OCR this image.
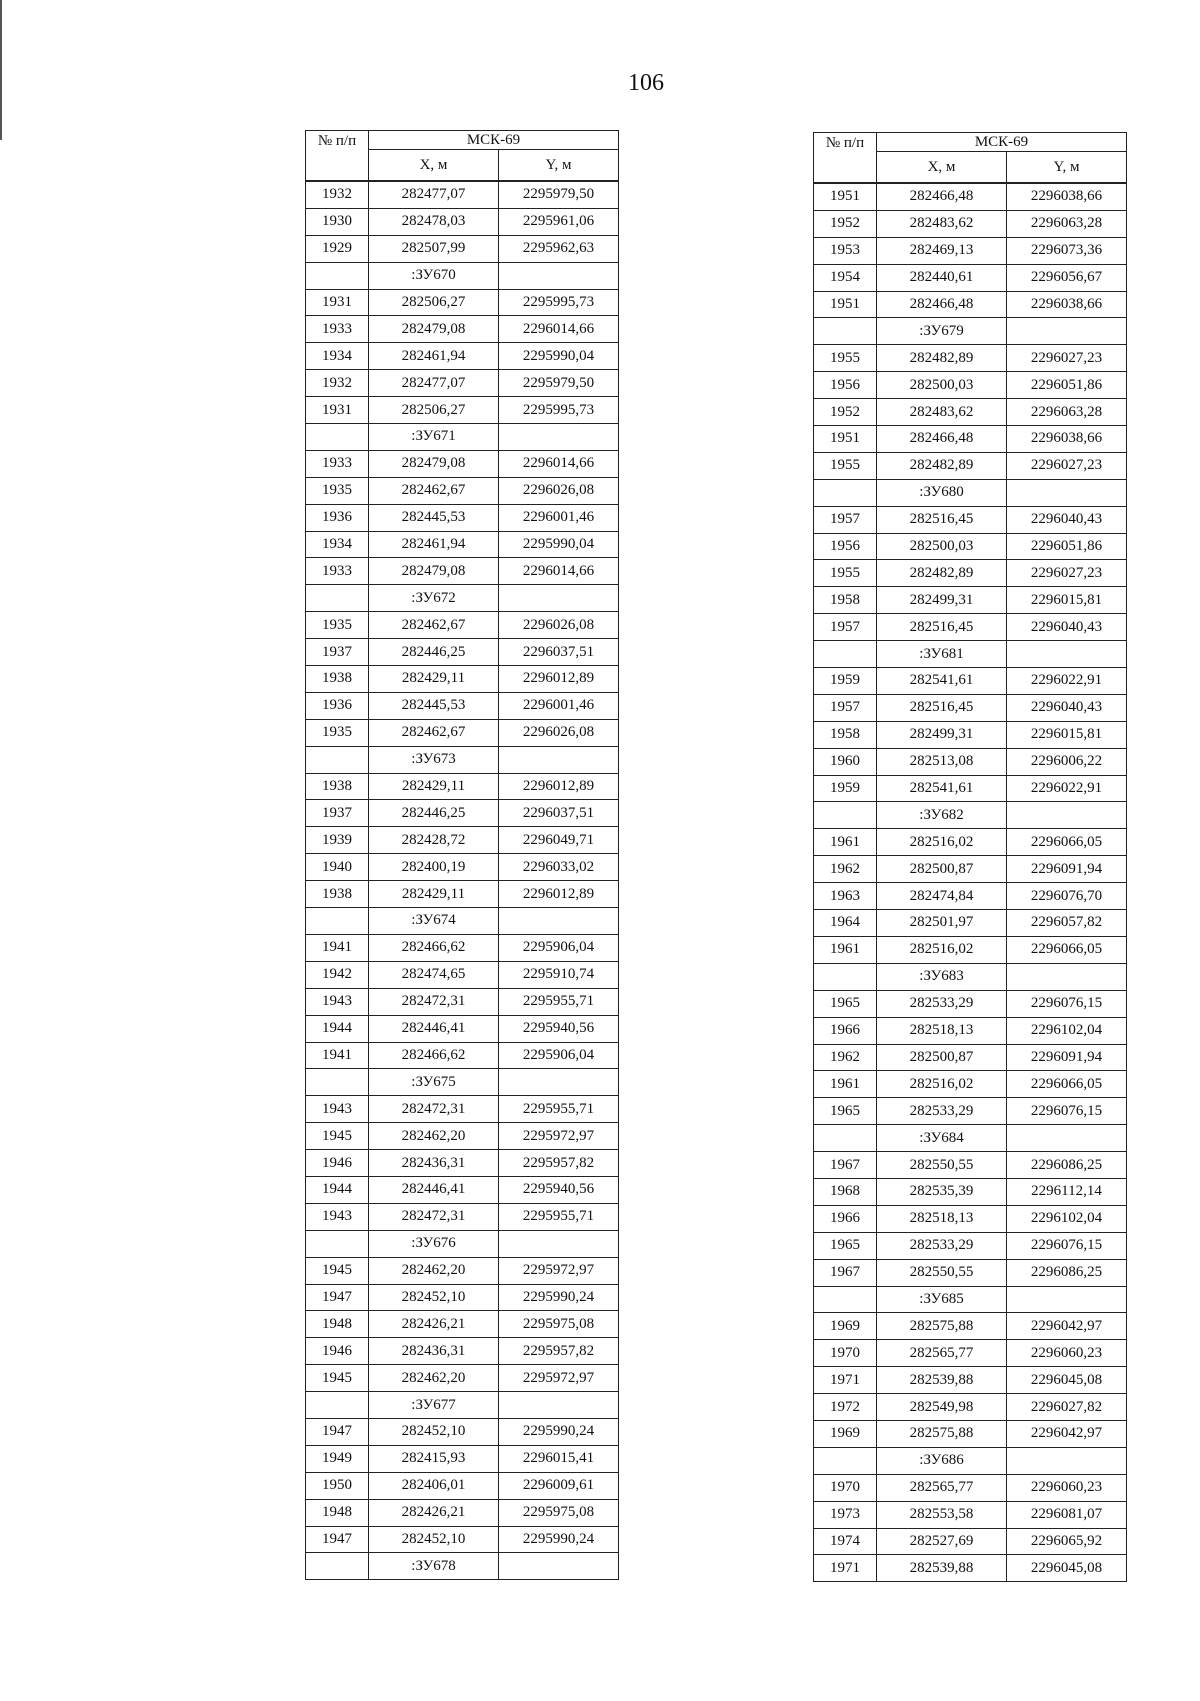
106
№ п/п	МСК-69	
	X, м	Y, м

1932	282477,07	2295979,50
1930	282478,03	2295961,06
1929	282507,99	2295962,63
	:ЗУ670	
1931	282506,27	2295995,73
1933	282479,08	2296014,66
1934	282461,94	2295990,04
1932	282477,07	2295979,50
1931	282506,27	2295995,73
	:ЗУ671	
1933	282479,08	2296014,66
1935	282462,67	2296026,08
1936	282445,53	2296001,46
1934	282461,94	2295990,04
1933	282479,08	2296014,66
	:ЗУ672	
1935	282462,67	2296026,08
1937	282446,25	2296037,51
1938	282429,11	2296012,89
1936	282445,53	2296001,46
1935	282462,67	2296026,08
	:ЗУ673	
1938	282429,11	2296012,89
1937	282446,25	2296037,51
1939	282428,72	2296049,71
1940	282400,19	2296033,02
1938	282429,11	2296012,89
	:ЗУ674	
1941	282466,62	2295906,04
1942	282474,65	2295910,74
1943	282472,31	2295955,71
1944	282446,41	2295940,56
1941	282466,62	2295906,04
	:ЗУ675	
1943	282472,31	2295955,71
1945	282462,20	2295972,97
1946	282436,31	2295957,82
1944	282446,41	2295940,56
1943	282472,31	2295955,71
	:ЗУ676	
1945	282462,20	2295972,97
1947	282452,10	2295990,24
1948	282426,21	2295975,08
1946	282436,31	2295957,82
1945	282462,20	2295972,97
	:ЗУ677	
1947	282452,10	2295990,24
1949	282415,93	2296015,41
1950	282406,01	2296009,61
1948	282426,21	2295975,08
1947	282452,10	2295990,24
	:ЗУ678	
№ п/п	МСК-69	
	X, м	Y, м

1951	282466,48	2296038,66
1952	282483,62	2296063,28
1953	282469,13	2296073,36
1954	282440,61	2296056,67
1951	282466,48	2296038,66
	:ЗУ679	
1955	282482,89	2296027,23
1956	282500,03	2296051,86
1952	282483,62	2296063,28
1951	282466,48	2296038,66
1955	282482,89	2296027,23
	:ЗУ680	
1957	282516,45	2296040,43
1956	282500,03	2296051,86
1955	282482,89	2296027,23
1958	282499,31	2296015,81
1957	282516,45	2296040,43
	:ЗУ681	
1959	282541,61	2296022,91
1957	282516,45	2296040,43
1958	282499,31	2296015,81
1960	282513,08	2296006,22
1959	282541,61	2296022,91
	:ЗУ682	
1961	282516,02	2296066,05
1962	282500,87	2296091,94
1963	282474,84	2296076,70
1964	282501,97	2296057,82
1961	282516,02	2296066,05
	:ЗУ683	
1965	282533,29	2296076,15
1966	282518,13	2296102,04
1962	282500,87	2296091,94
1961	282516,02	2296066,05
1965	282533,29	2296076,15
	:ЗУ684	
1967	282550,55	2296086,25
1968	282535,39	2296112,14
1966	282518,13	2296102,04
1965	282533,29	2296076,15
1967	282550,55	2296086,25
	:ЗУ685	
1969	282575,88	2296042,97
1970	282565,77	2296060,23
1971	282539,88	2296045,08
1972	282549,98	2296027,82
1969	282575,88	2296042,97
	:ЗУ686	
1970	282565,77	2296060,23
1973	282553,58	2296081,07
1974	282527,69	2296065,92
1971	282539,88	2296045,08
